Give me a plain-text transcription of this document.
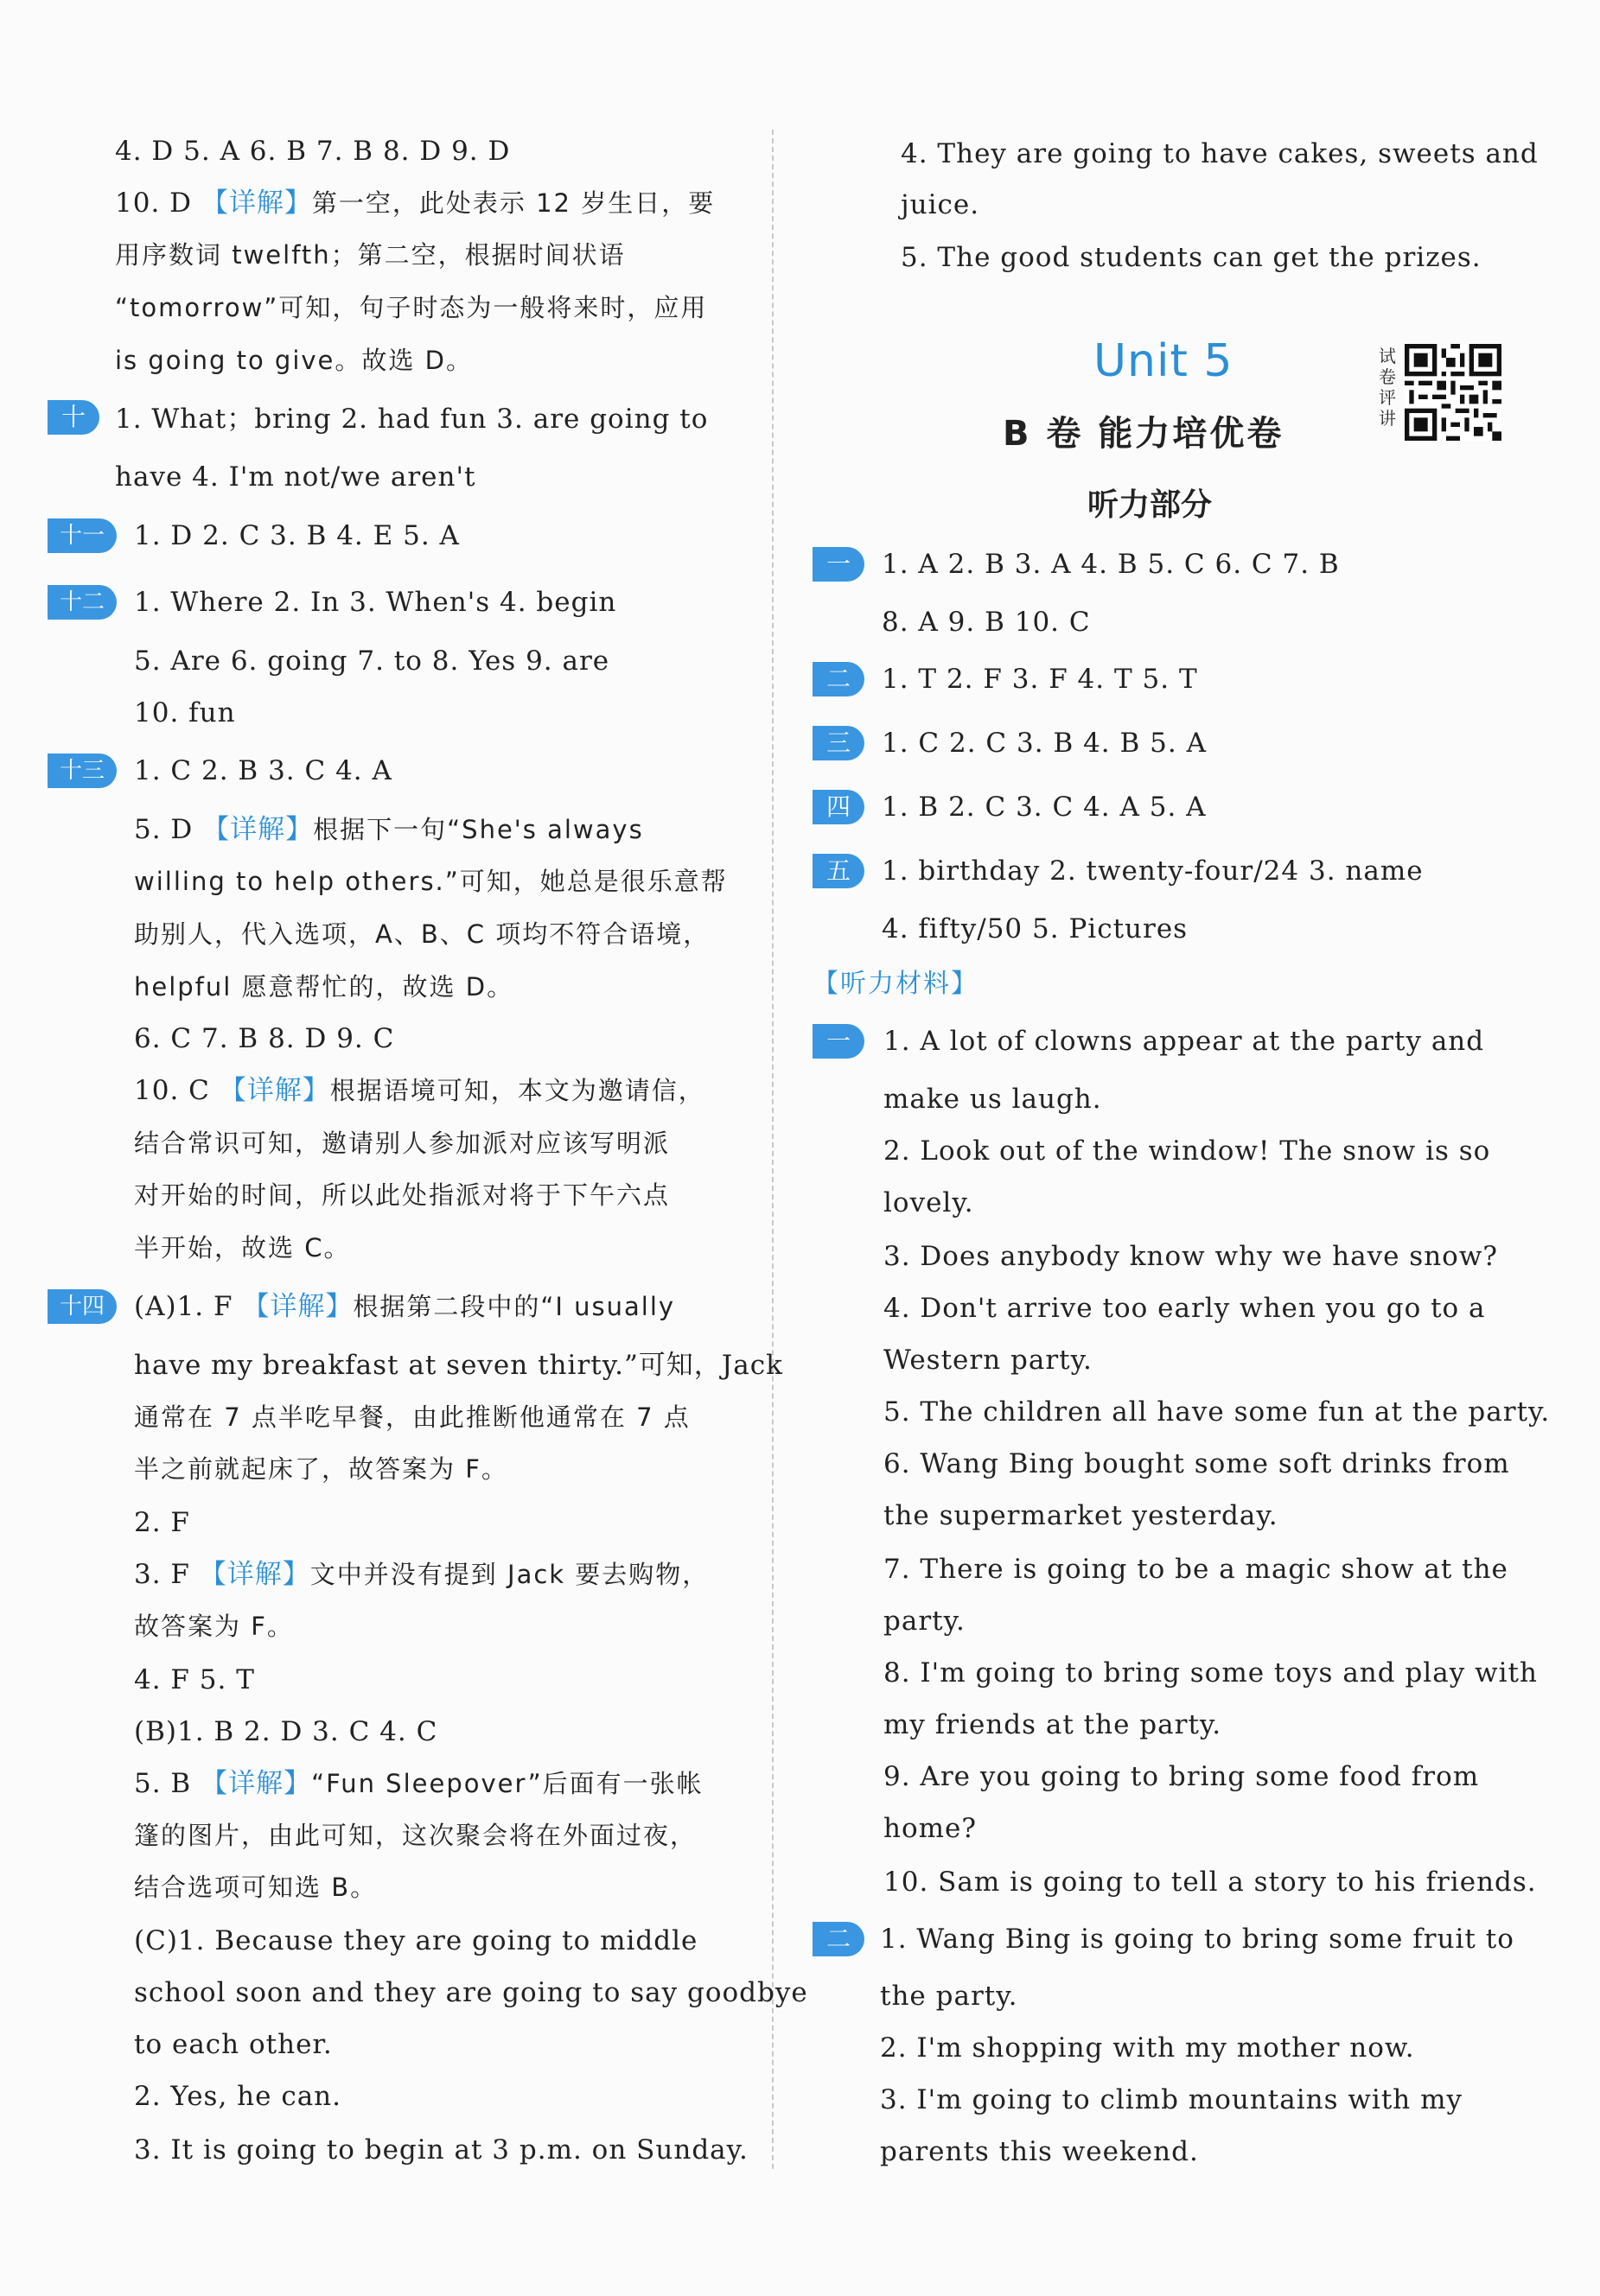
4. D 5. A 6. B 7. B 8. D 9. D
10. D 【详解】第一空，此处表示 12 岁生日，要
用序数词 twelfth；第二空，根据时间状语
“tomorrow”可知，句子时态为一般将来时，应用
is going to give。故选 D。
十	1. What；bring 2. had fun 3. are going to
have 4. I'm not/we aren't
十一	1. D 2. C 3. B 4. E 5. A
十二	1. Where 2. In 3. When's 4. begin
5. Are 6. going 7. to 8. Yes 9. are
10. fun
十三	1. C 2. B 3. C 4. A
5. D 【详解】根据下一句“She's always
willing to help others.”可知，她总是很乐意帮
助别人，代入选项，A、B、C 项均不符合语境，
helpful 愿意帮忙的，故选 D。
6. C 7. B 8. D 9. C
10. C 【详解】根据语境可知，本文为邀请信，
结合常识可知，邀请别人参加派对应该写明派
对开始的时间，所以此处指派对将于下午六点
半开始，故选 C。
十四	(A)1. F 【详解】根据第二段中的“I usually
have my breakfast at seven thirty.”可知，Jack
通常在 7 点半吃早餐，由此推断他通常在 7 点
半之前就起床了，故答案为 F。
2. F
3. F 【详解】文中并没有提到 Jack 要去购物，
故答案为 F。
4. F 5. T
(B)1. B 2. D 3. C 4. C
5. B 【详解】“Fun Sleepover”后面有一张帐
篷的图片，由此可知，这次聚会将在外面过夜，
结合选项可知选 B。
(C)1. Because they are going to middle
school soon and they are going to say goodbye
to each other.
2. Yes, he can.
3. It is going to begin at 3 p.m. on Sunday.
4. They are going to have cakes, sweets and
juice.
5. The good students can get the prizes.
Unit 5
B 卷 能力培优卷
试卷评讲
听力部分
一	1. A 2. B 3. A 4. B 5. C 6. C 7. B
8. A 9. B 10. C
二	1. T 2. F 3. F 4. T 5. T
三	1. C 2. C 3. B 4. B 5. A
四	1. B 2. C 3. C 4. A 5. A
五	1. birthday 2. twenty-four/24 3. name
4. fifty/50 5. Pictures
【听力材料】
一	1. A lot of clowns appear at the party and
make us laugh.
2. Look out of the window! The snow is so
lovely.
3. Does anybody know why we have snow?
4. Don't arrive too early when you go to a
Western party.
5. The children all have some fun at the party.
6. Wang Bing bought some soft drinks from
the supermarket yesterday.
7. There is going to be a magic show at the
party.
8. I'm going to bring some toys and play with
my friends at the party.
9. Are you going to bring some food from
home?
10. Sam is going to tell a story to his friends.
二	1. Wang Bing is going to bring some fruit to
the party.
2. I'm shopping with my mother now.
3. I'm going to climb mountains with my
parents this weekend.
